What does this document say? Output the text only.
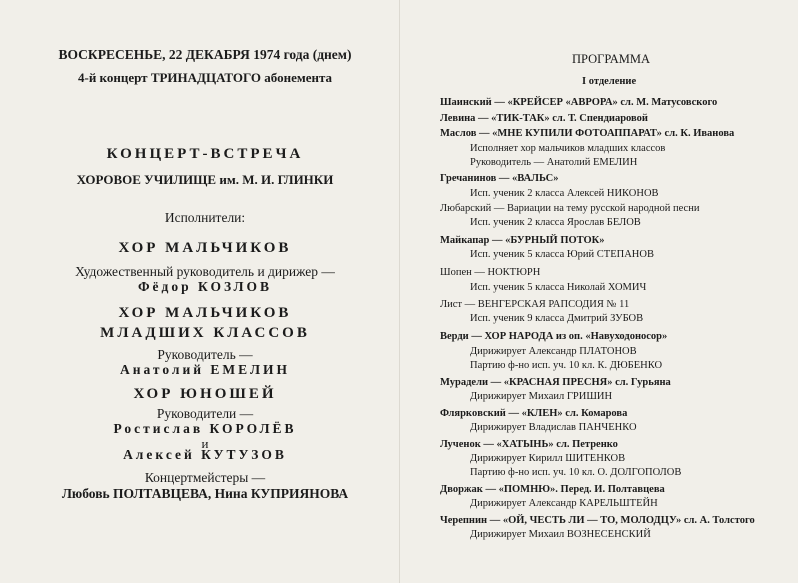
ВОСКРЕСЕНЬЕ, 22 ДЕКАБРЯ 1974 года (днем)
4-й концерт ТРИНАДЦАТОГО абонемента
КОНЦЕРТ-ВСТРЕЧА
ХОРОВОЕ УЧИЛИЩЕ им. М. И. ГЛИНКИ
Исполнители:
ХОР МАЛЬЧИКОВ
Художественный руководитель и дирижер —
Фёдор КОЗЛОВ
ХОР МАЛЬЧИКОВ
МЛАДШИХ КЛАССОВ
Руководитель —
Анатолий ЕМЕЛИН
ХОР ЮНОШЕЙ
Руководители —
Ростислав КОРОЛЁВ
и
Алексей КУТУЗОВ
Концертмейстеры —
Любовь ПОЛТАВЦЕВА, Нина КУПРИЯНОВА
ПРОГРАММА
I отделение
Шаинский — «КРЕЙСЕР «АВРОРА» сл. М. Матусовского
Левина — «ТИК-ТАК» сл. Т. Спендиаровой
Маслов — «МНЕ КУПИЛИ ФОТОАППАРАТ» сл. К. Иванова
Исполняет хор мальчиков младших классов
Руководитель — Анатолий ЕМЕЛИН
Гречанинов — «ВАЛЬС»
Исп. ученик 2 класса Алексей НИКОНОВ
Любарский — Вариации на тему русской народной песни
Исп. ученик 2 класса Ярослав БЕЛОВ
Майкапар — «БУРНЫЙ ПОТОК»
Исп. ученик 5 класса Юрий СТЕПАНОВ
Шопен — НОКТЮРН
Исп. ученик 5 класса Николай ХОМИЧ
Лист — ВЕНГЕРСКАЯ РАПСОДИЯ № 11
Исп. ученик 9 класса Дмитрий ЗУБОВ
Верди — ХОР НАРОДА из оп. «Навуходоносор»
Дирижирует Александр ПЛАТОНОВ
Партию ф-но исп. уч. 10 кл. К. ДЮБЕНКО
Мурадели — «КРАСНАЯ ПРЕСНЯ» сл. Гурьяна
Дирижирует Михаил ГРИШИН
Фляркoвский — «КЛЕН» сл. Комарова
Дирижирует Владислав ПАНЧЕНКО
Лученок — «ХАТЫНЬ» сл. Петренко
Дирижирует Кирилл ШИТЕНКОВ
Партию ф-но исп. уч. 10 кл. О. ДОЛГОПОЛОВ
Дворжак — «ПОМНЮ». Перед. И. Полтавцева
Дирижирует Александр КАРЕЛЬШТЕЙН
Черепнин — «ОЙ, ЧЕСТЬ ЛИ — ТО, МОЛОДЦУ» сл. А. Толстого
Дирижирует Михаил ВОЗНЕСЕНСКИЙ
